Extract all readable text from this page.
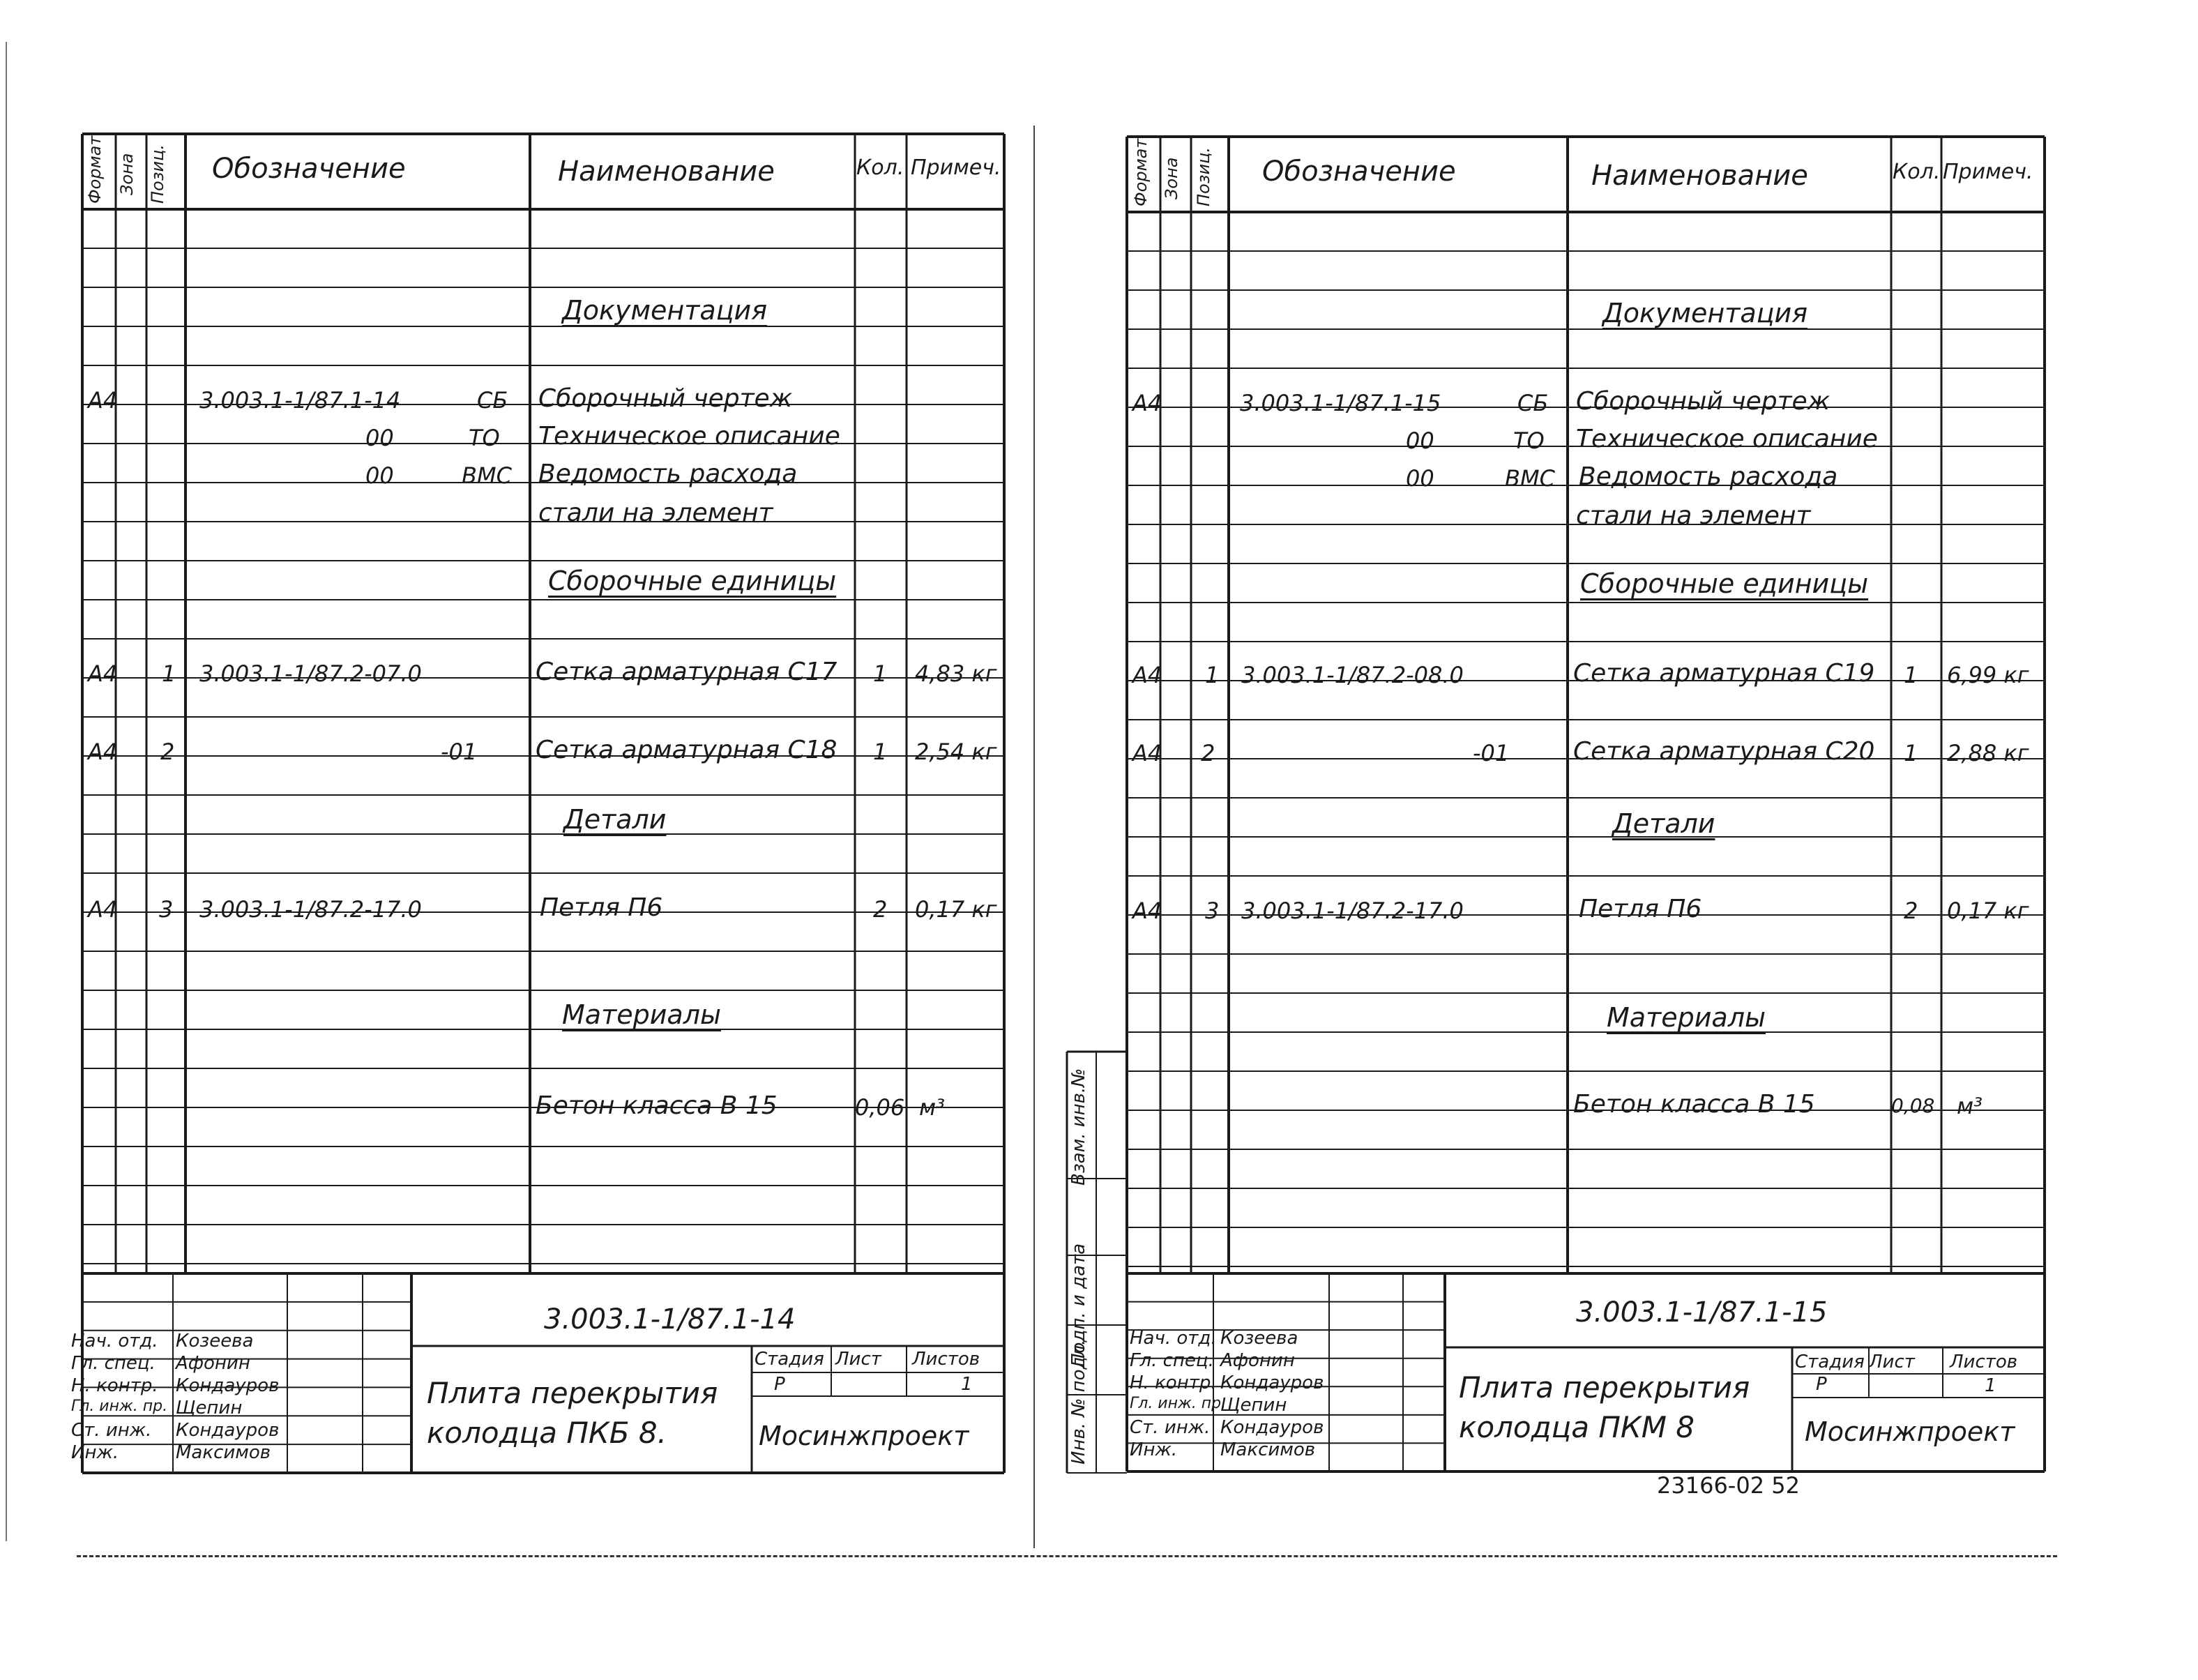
Формат Зона Позиц. Обозначение	Наименование	Кол. Примеч.
Документация
Сборочные единицы
Детали
Материалы
А4	3.003.1-1/87.1-14	СБ Сборочный чертеж
00	ТО Техническое описание
00	ВМС Ведомость расхода
стали на элемент
А4 1 3.003.1-1/87.2-07.0	Сетка арматурная С17 1 4,83 кг
А4 2	-01 Сетка арматурная С18 1 2,54 кг
А4 3 3.003.1-1/87.2-17.0	Петля П6	2 0,17 кг
Бетон класса В 15	0,06 м³
3.003.1-1/87.1-14
Плита перекрытия
колодца ПКБ 8.
Стадия Лист Листов
Р	1
Мосинжпроект
Нач. отд. Козеева
Гл. спец. Афонин
Н. контр. Кондауров
Гл. инж. пр. Щепин
Ст. инж. Кондауров
Инж.	Максимов	Инв. № подл.
Подп. и дата
Взам. инв.№
Формат Зона Позиц. Обозначение	Наименование	Кол. Примеч.
Документация
Сборочные единицы
Детали
Материалы
А4	3.003.1-1/87.1-15	СБ Сборочный чертеж
00	ТО Техническое описание
00	ВМС Ведомость расхода
стали на элемент
А4 1 3.003.1-1/87.2-08.0	Сетка арматурная С19 1 6,99 кг
А4 2	-01	Сетка арматурная С20 1 2,88 кг
А4 3 3.003.1-1/87.2-17.0	Петля П6	2 0,17 кг
Бетон класса В 15	0,08 м³
3.003.1-1/87.1-15
Плита перекрытия
колодца ПКМ 8
Стадия Лист Листов
Р	1
Мосинжпроект
Нач. отд. Козеева
Гл. спец. Афонин
Н. контр. Кондауров
Гл. инж. пр.
Щепин
Ст. инж. Кондауров
Инж. Максимов
23166-02 52
